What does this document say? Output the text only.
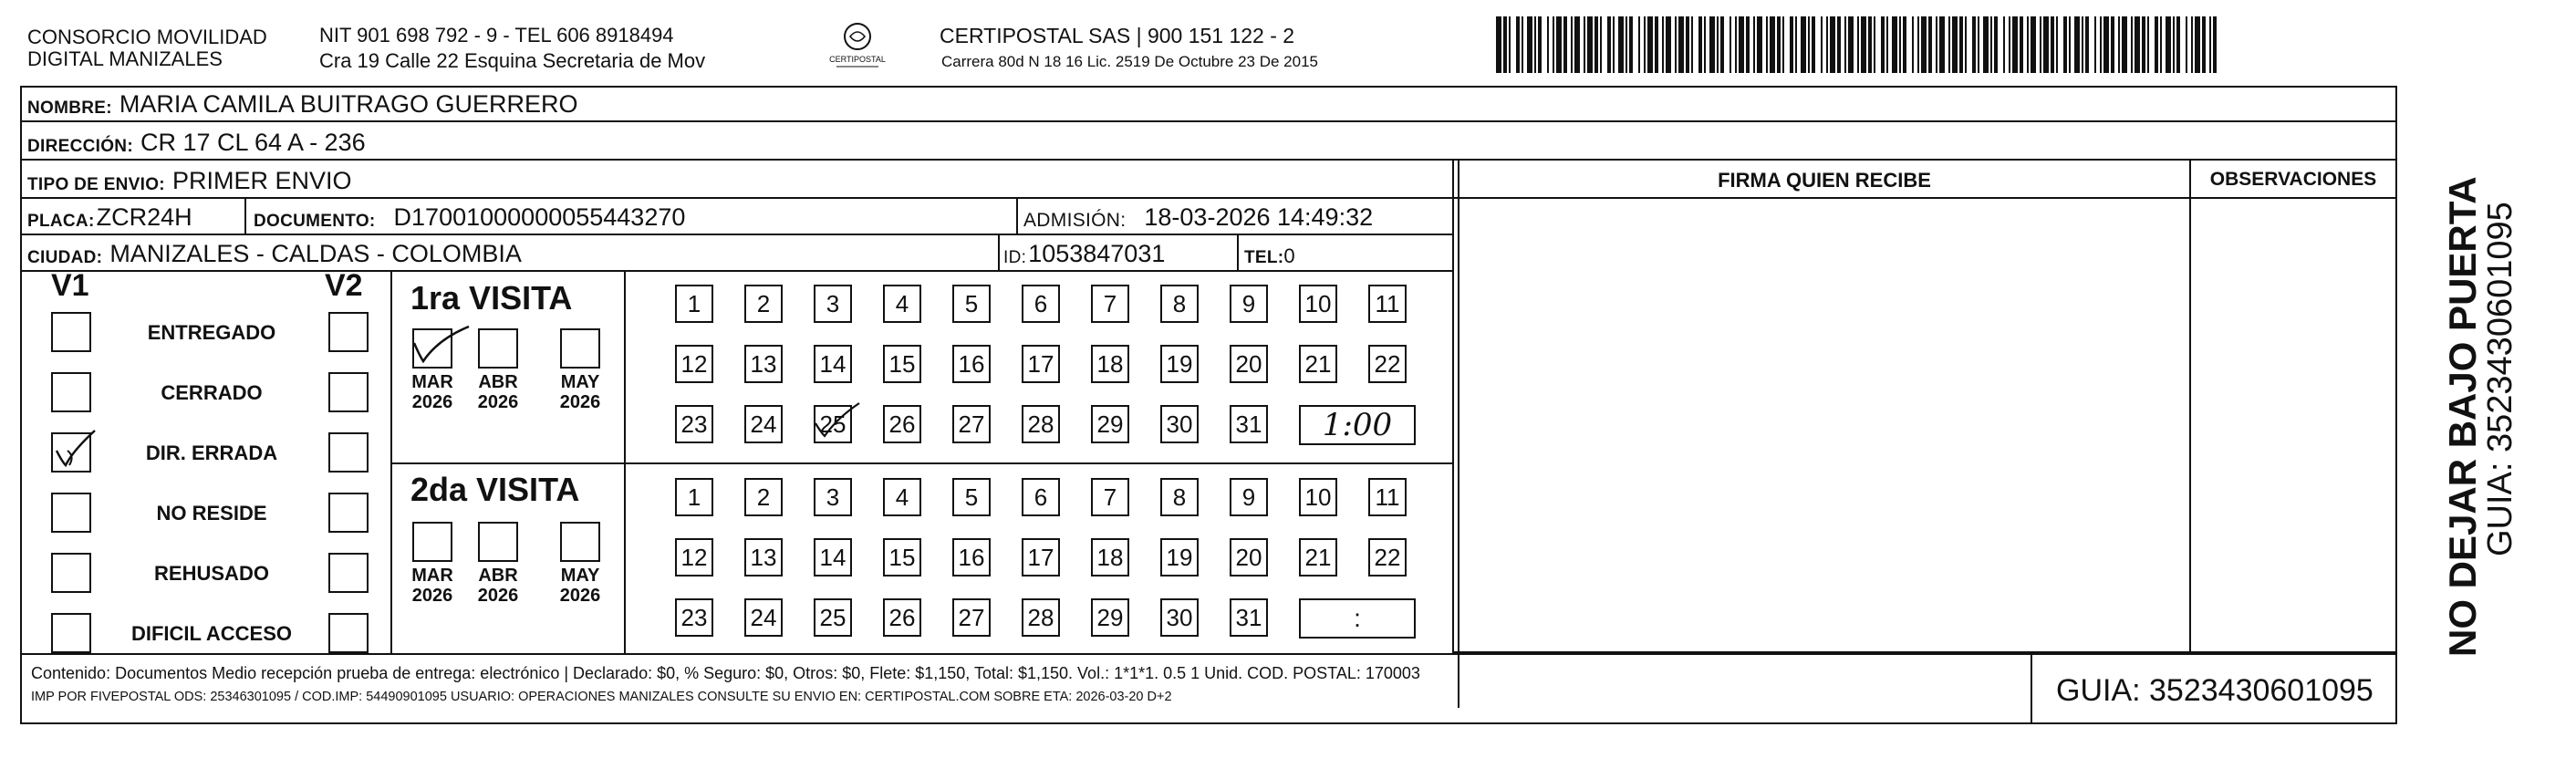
CONSORCIO MOVILIDAD
DIGITAL MANIZALES
NIT 901 698 792 - 9 - TEL 606 8918494
Cra 19 Calle 22 Esquina Secretaria de Mov	CERTIPOSTAL
CERTIPOSTAL SAS | 900 151 122 - 2
Carrera 80d N 18 16 Lic. 2519 De Octubre 23 De 2015
NOMBRE: MARIA CAMILA BUITRAGO GUERRERO
DIRECCIÓN: CR 17 CL 64 A - 236
TIPO DE ENVIO: PRIMER ENVIO
PLACA: ZCR24H	DOCUMENTO: D17001000000055443270	ADMISIÓN: 18-03-2026 14:49:32
CIUDAD: MANIZALES - CALDAS - COLOMBIA	ID: 1053847031	TEL: 0
FIRMA QUIEN RECIBE	OBSERVACIONES	NO DEJAR BAJO PUERTA
GUIA: 3523430601095
V1	V2
ENTREGADO
CERRADO
DIR. ERRADA
NO RESIDE
REHUSADO
DIFICIL ACCESO
1ra VISITA
2da VISITA
MAR
2026
ABR
2026
MAY
2026
1	2	3	4	5	6	7	8	9	10 11
12 13 14 15 16 17 18 19 20 21 22
23 24 25 26 27 28 29 30 31	1:00
MAR
2026
ABR
2026
MAY
2026
1	2	3	4	5	6	7	8	9	10 11
12 13 14 15 16 17 18 19 20 21 22
23 24 25 26 27 28 29 30 31	:
Contenido: Documentos Medio recepción prueba de entrega: electrónico | Declarado: $0, % Seguro: $0, Otros: $0, Flete: $1,150, Total: $1,150. Vol.: 1*1*1. 0.5 1 Unid. COD. POSTAL: 170003
IMP POR FIVEPOSTAL ODS: 25346301095 / COD.IMP: 54490901095 USUARIO: OPERACIONES MANIZALES CONSULTE SU ENVIO EN: CERTIPOSTAL.COM SOBRE ETA: 2026-03-20 D+2	GUIA: 3523430601095
